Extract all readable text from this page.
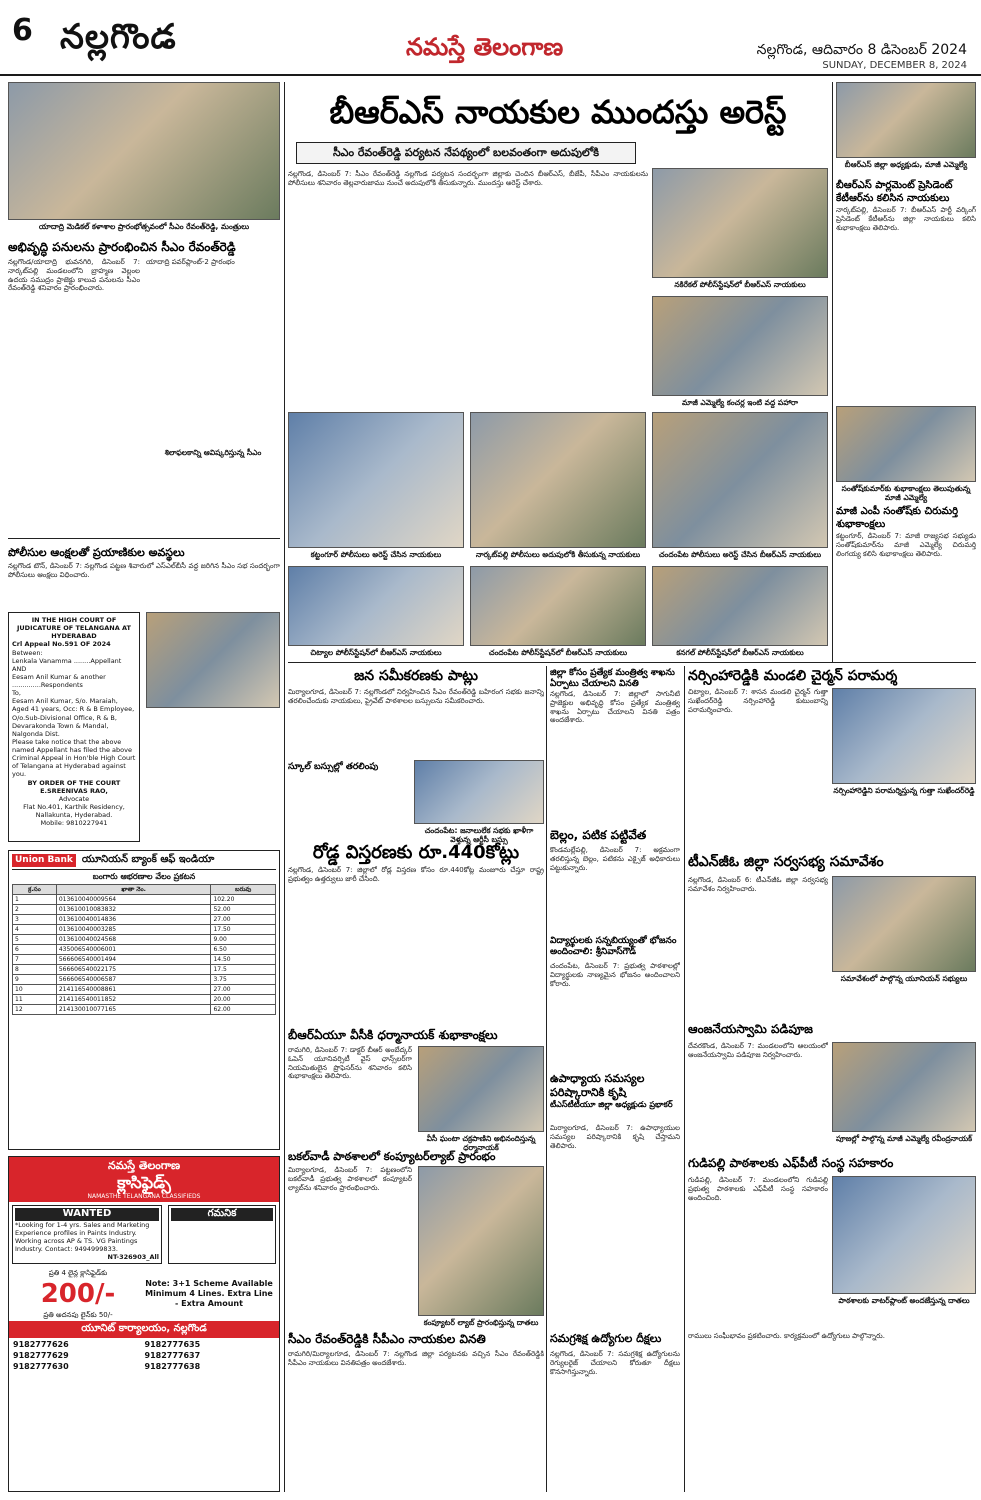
6 నల్లగొండ	నమస్తే తెలంగాణ	నల్లగొండ, ఆదివారం 8 డిసెంబర్ 2024
SUNDAY, DECEMBER 8, 2024
యాదాద్రి మెడికల్ కళాశాల ప్రారంభోత్సవంలో సీఎం రేవంత్‌రెడ్డి, మంత్రులు
అభివృద్ధి పనులను ప్రారంభించిన సీఎం రేవంత్‌రెడ్డి
నల్లగొండ/యాదాద్రి భువనగిరి, డిసెంబర్ 7: నార్కట్‌పల్లి మండలంలోని బ్రాహ్మణ వెల్లంల ఉదయ సముద్రం ప్రాజెక్టు కాలువ పనులను సీఎం రేవంత్‌రెడ్డి శనివారం ప్రారంభించారు.
యాదాద్రి పవర్‌ప్లాంట్-2 ప్రారంభం
శిలాఫలకాన్ని ఆవిష్కరిస్తున్న సీఎం
పోలీసుల ఆంక్షలతో ప్రయాణికుల అవస్థలు
నల్లగొండ టౌన్, డిసెంబర్ 7: నల్లగొండ పట్టణ శివారులో ఎస్‌ఎల్‌బీసీ వద్ద జరిగిన సీఎం సభ సందర్భంగా పోలీసులు ఆంక్షలు విధించారు.
IN THE HIGH COURT OF JUDICATURE OF TELANGANA AT HYDERABAD
Crl Appeal No.591 OF 2024
Between:
Lenkala Vanamma ........Appellant
AND
Eesam Anil Kumar & another
..............Respondents
To,
Eesam Anil Kumar, S/o. Maraiah,
Aged 41 years, Occ: R & B Employee,
O/o.Sub-Divisional Office, R & B,
Devarakonda Town & Mandal,
Nalgonda Dist.
Please take notice that the above named Appellant has filed the above Criminal Appeal in Hon'ble High Court of Telangana at Hyderabad against you.
BY ORDER OF THE COURT
E.SREENIVAS RAO,
Advocate
Flat No.401, Karthik Residency, Nallakunta, Hyderabad.
Mobile: 9810227941
Union Bank యూనియన్ బ్యాంక్ ఆఫ్ ఇండియా
బంగారు ఆభరణాల వేలం ప్రకటన
క్ర.సం	ఖాతా నెం.	బరువు
1	013610040009564	102.20
2	013610010083832	52.00
3	013610040014836	27.00
4	013610040003285	17.50
5	013610040024568	9.00
6	435006540006001	6.50
7	566606540001494	14.50
8	566606540022175	17.5
9	566606540006587	3.75
10	214116540008861	27.00
11	214116540011852	20.00
12	214130010077165	62.00
నమస్తే తెలంగాణ
క్లాసిఫైడ్స్
NAMASTHE TELANGANA CLASSIFIEDS
WANTED
*Looking for 1-4 yrs. Sales and Marketing Experience profiles in Paints Industry. Working across AP & TS. VG Paintings Industry. Contact: 9494999833.
NT-326903_All
గమనిక
ప్రతి 4 లైన్ల క్లాసిఫైడ్‌కు
200/-
ప్రతి అదనపు లైన్‌కు 50/-
Note: 3+1 Scheme Available Minimum 4 Lines. Extra Line - Extra Amount
యూనిట్ కార్యాలయం, నల్లగొండ
9182777626	9182777635
9182777629	9182777637
9182777630	9182777638
బీఆర్ఎస్ నాయకుల ముందస్తు అరెస్ట్
సీఎం రేవంత్‌రెడ్డి పర్యటన నేపథ్యంలో బలవంతంగా అదుపులోకి
నల్లగొండ, డిసెంబర్ 7: సీఎం రేవంత్‌రెడ్డి నల్లగొండ పర్యటన సందర్భంగా జిల్లాకు చెందిన బీఆర్‌ఎస్, బీజేపీ, సీపీఎం నాయకులను పోలీసులు శనివారం తెల్లవారుజాము నుంచే అదుపులోకి తీసుకున్నారు. ముందస్తు అరెస్ట్ చేశారు.
నకిరేకల్ పోలీస్‌స్టేషన్‌లో బీఆర్‌ఎస్ నాయకులు
మాజీ ఎమ్మెల్యే కంచర్ల ఇంటి వద్ద పహారా
కట్టంగూర్ పోలీసులు అరెస్ట్ చేసిన నాయకులు	నార్కట్‌పల్లి పోలీసులు అదుపులోకి తీసుకున్న నాయకులు	చందంపేట పోలీసులు అరెస్ట్ చేసిన బీఆర్‌ఎస్ నాయకులు
చిట్యాల పోలీస్‌స్టేషన్‌లో బీఆర్‌ఎస్ నాయకులు	చందంపేట పోలీస్‌స్టేషన్‌లో బీఆర్‌ఎస్ నాయకులు	కనగల్ పోలీస్‌స్టేషన్‌లో బీఆర్‌ఎస్ నాయకులు
జన సమీకరణకు పాట్లు
మిర్యాలగూడ, డిసెంబర్ 7: నల్లగొండలో నిర్వహించిన సీఎం రేవంత్‌రెడ్డి బహిరంగ సభకు జనాన్ని తరలించేందుకు నాయకులు, ప్రైవేట్ పాఠశాలల బస్సులను సమీకరించారు.
స్కూల్ బస్సుల్లో తరలింపు
చందంపేట: జనాలులేక సభకు ఖాళీగా వెళ్తున్న ఆర్టీసీ బస్సు
రోడ్డ విస్తరణకు రూ.440కోట్లు
నల్లగొండ, డిసెంబర్ 7: జిల్లాలో రోడ్ల విస్తరణ కోసం రూ.440కోట్ల మంజూరు చేస్తూ రాష్ట్ర ప్రభుత్వం ఉత్తర్వులు జారీ చేసింది.
బీఆర్‌ఏయూ వీసీకి ధర్మానాయక్ శుభాకాంక్షలు
రామగిరి, డిసెంబర్ 7: డాక్టర్ బీఆర్ అంబేద్కర్ ఓపెన్ యూనివర్సిటీ వైస్ ఛాన్స్‌లర్‌గా నియమితులైన ప్రొఫెసర్‌ను శనివారం కలిసి శుభాకాంక్షలు తెలిపారు.
వీసీ ఘంటా చక్రపాణిని అభినందిస్తున్న ధర్మానాయక్
బకల్‌వాడీ పాఠశాలలో కంప్యూటర్‌ల్యాబ్ ప్రారంభం
మిర్యాలగూడ, డిసెంబర్ 7: పట్టణంలోని బకల్‌వాడీ ప్రభుత్వ పాఠశాలలో కంప్యూటర్ ల్యాబ్‌ను శనివారం ప్రారంభించారు.
కంప్యూటర్ ల్యాబ్ ప్రారంభిస్తున్న దాతలు
సీఎం రేవంత్‌రెడ్డికి సీపీఎం నాయకుల వినతి
రామగిరి/మిర్యాలగూడ, డిసెంబర్ 7: నల్లగొండ జిల్లా పర్యటనకు వచ్చిన సీఎం రేవంత్‌రెడ్డికి సీపీఎం నాయకులు వినతిపత్రం అందజేశారు.
జిల్లా కోసం ప్రత్యేక మంత్రిత్వ శాఖను ఏర్పాటు చేయాలని వినతి
నల్లగొండ, డిసెంబర్ 7: జిల్లాలో సాగునీటి ప్రాజెక్టుల అభివృద్ధి కోసం ప్రత్యేక మంత్రిత్వ శాఖను ఏర్పాటు చేయాలని వినతి పత్రం అందజేశారు.
బెల్లం, పటిక పట్టివేత
కొండమల్లేపల్లి, డిసెంబర్ 7: అక్రమంగా తరలిస్తున్న బెల్లం, పటికను ఎక్సైజ్ అధికారులు పట్టుకున్నారు.
విద్యార్థులకు సన్నబియ్యంతో భోజనం అందించాలి: శ్రీనివాస్‌గౌడ్
చందంపేట, డిసెంబర్ 7: ప్రభుత్వ పాఠశాలల్లో విద్యార్థులకు నాణ్యమైన భోజనం అందించాలని కోరారు.
ఉపాధ్యాయ సమస్యల పరిష్కారానికి కృషి
టీఎస్‌టీటీయూ జిల్లా అధ్యక్షుడు ప్రభాకర్
మిర్యాలగూడ, డిసెంబర్ 7: ఉపాధ్యాయుల సమస్యల పరిష్కారానికి కృషి చేస్తామని తెలిపారు.
సమగ్రశిక్ష ఉద్యోగుల దీక్షలు
నల్లగొండ, డిసెంబర్ 7: సమగ్రశిక్ష ఉద్యోగులను రెగ్యులరైజ్ చేయాలని కోరుతూ దీక్షలు కొనసాగిస్తున్నారు.
బీఆర్‌ఎస్ జిల్లా అధ్యక్షుడు, మాజీ ఎమ్మెల్యే
బీఆర్‌ఎస్ పార్లమెంట్ ప్రెసిడెంట్ కేటీఆర్‌ను కలిసిన నాయకులు
నార్కట్‌పల్లి, డిసెంబర్ 7: బీఆర్‌ఎస్ పార్టీ వర్కింగ్ ప్రెసిడెంట్ కేటీఆర్‌ను జిల్లా నాయకులు కలిసి శుభాకాంక్షలు తెలిపారు.
సంతోష్‌కుమార్‌కు శుభాకాంక్షలు తెలుపుతున్న మాజీ ఎమ్మెల్యే
మాజీ ఎంపీ సంతోష్‌కు చిరుమర్తి శుభాకాంక్షలు
కట్టంగూర్, డిసెంబర్ 7: మాజీ రాజ్యసభ సభ్యుడు సంతోష్‌కుమార్‌ను మాజీ ఎమ్మెల్యే చిరుమర్తి లింగయ్య కలిసి శుభాకాంక్షలు తెలిపారు.
నర్సింహారెడ్డికి మండలి చైర్మన్ పరామర్శ
చిట్యాల, డిసెంబర్ 7: శాసన మండలి చైర్మన్ గుత్తా సుఖేందర్‌రెడ్డి నర్సింహారెడ్డి కుటుంబాన్ని పరామర్శించారు.
నర్సింహారెడ్డిని పరామర్శిస్తున్న గుత్తా సుఖేందర్‌రెడ్డి
టీఎన్‌జీఓ జిల్లా సర్వసభ్య సమావేశం
నల్లగొండ, డిసెంబర్ 6: టీఎన్‌జీఓ జిల్లా సర్వసభ్య సమావేశం నిర్వహించారు.
సమావేశంలో పాల్గొన్న యూనియన్ సభ్యులు
ఆంజనేయస్వామి పడిపూజ
దేవరకొండ, డిసెంబర్ 7: మండలంలోని ఆలయంలో ఆంజనేయస్వామి పడిపూజ నిర్వహించారు.
పూజల్లో పాల్గొన్న మాజీ ఎమ్మెల్యే రవీంద్రనాయక్
గుడిపల్లి పాఠశాలకు ఎఫ్‌పీటీ సంస్థ సహకారం
గుడిపల్లి, డిసెంబర్ 7: మండలంలోని గుడిపల్లి ప్రభుత్వ పాఠశాలకు ఎఫ్‌పీటీ సంస్థ సహకారం అందించింది.
పాఠశాలకు వాటర్‌ప్లాంట్ అందజేస్తున్న దాతలు
రాములు సంఘీభావం ప్రకటించారు. కార్యక్రమంలో ఉద్యోగులు పాల్గొన్నారు.
